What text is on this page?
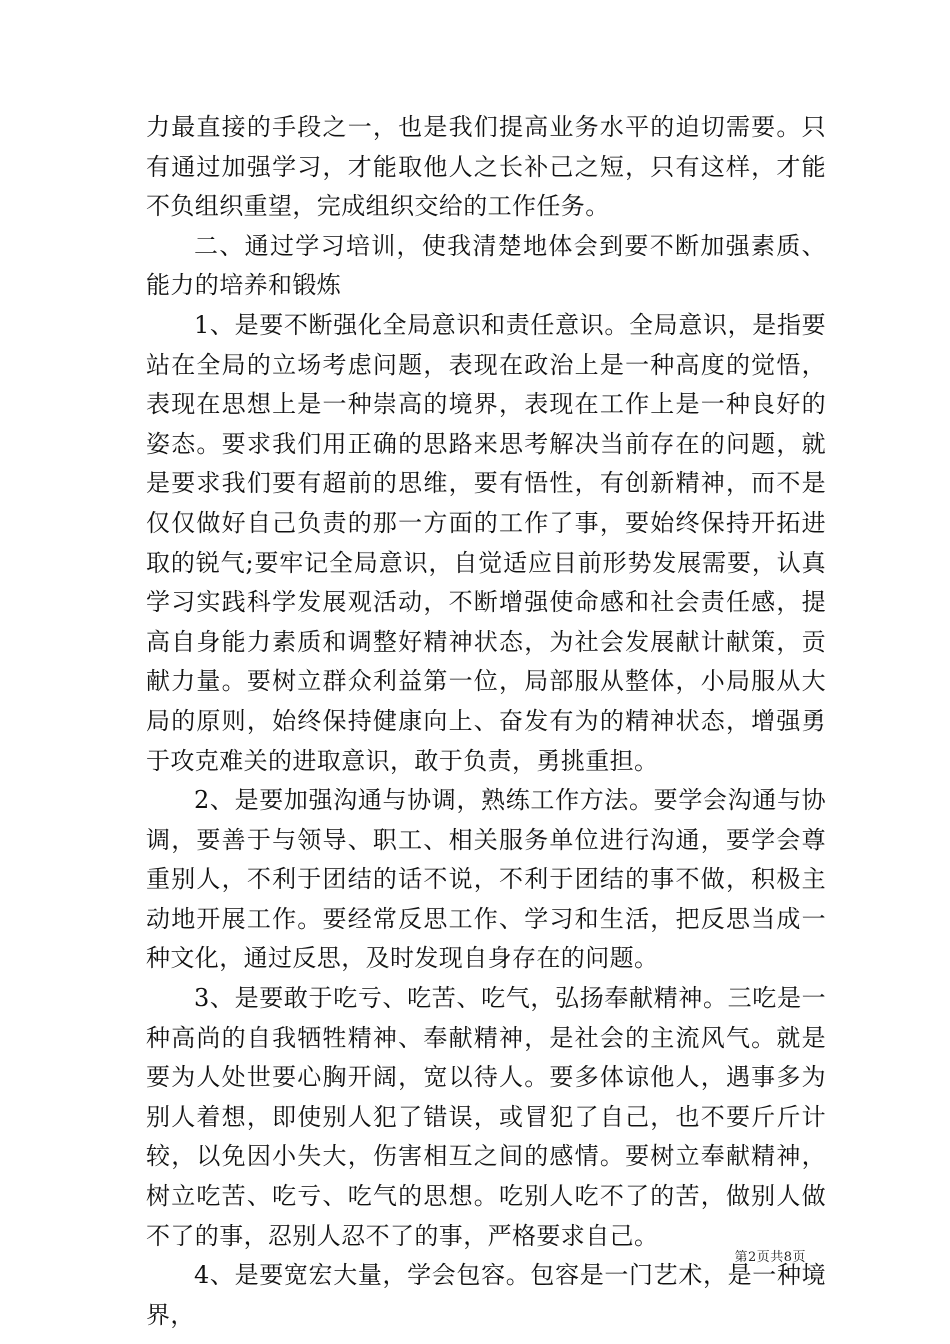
力最直接的手段之一，也是我们提高业务水平的迫切需要。只有通过加强学习，才能取他人之长补己之短，只有这样，才能不负组织重望，完成组织交给的工作任务。

二、通过学习培训，使我清楚地体会到要不断加强素质、能力的培养和锻炼

1、是要不断强化全局意识和责任意识。全局意识，是指要站在全局的立场考虑问题，表现在政治上是一种高度的觉悟，表现在思想上是一种崇高的境界，表现在工作上是一种良好的姿态。要求我们用正确的思路来思考解决当前存在的问题，就是要求我们要有超前的思维，要有悟性，有创新精神，而不是仅仅做好自己负责的那一方面的工作了事，要始终保持开拓进取的锐气;要牢记全局意识，自觉适应目前形势发展需要，认真学习实践科学发展观活动，不断增强使命感和社会责任感，提高自身能力素质和调整好精神状态，为社会发展献计献策，贡献力量。要树立群众利益第一位，局部服从整体，小局服从大局的原则，始终保持健康向上、奋发有为的精神状态，增强勇于攻克难关的进取意识，敢于负责，勇挑重担。

2、是要加强沟通与协调，熟练工作方法。要学会沟通与协调，要善于与领导、职工、相关服务单位进行沟通，要学会尊重别人，不利于团结的话不说，不利于团结的事不做，积极主动地开展工作。要经常反思工作、学习和生活，把反思当成一种文化，通过反思，及时发现自身存在的问题。

3、是要敢于吃亏、吃苦、吃气，弘扬奉献精神。三吃是一种高尚的自我牺牲精神、奉献精神，是社会的主流风气。就是要为人处世要心胸开阔，宽以待人。要多体谅他人，遇事多为别人着想，即使别人犯了错误，或冒犯了自己，也不要斤斤计较，以免因小失大，伤害相互之间的感情。要树立奉献精神，树立吃苦、吃亏、吃气的思想。吃别人吃不了的苦，做别人做不了的事，忍别人忍不了的事，严格要求自己。

4、是要宽宏大量，学会包容。包容是一门艺术，是一种境界，

第2页共8页
